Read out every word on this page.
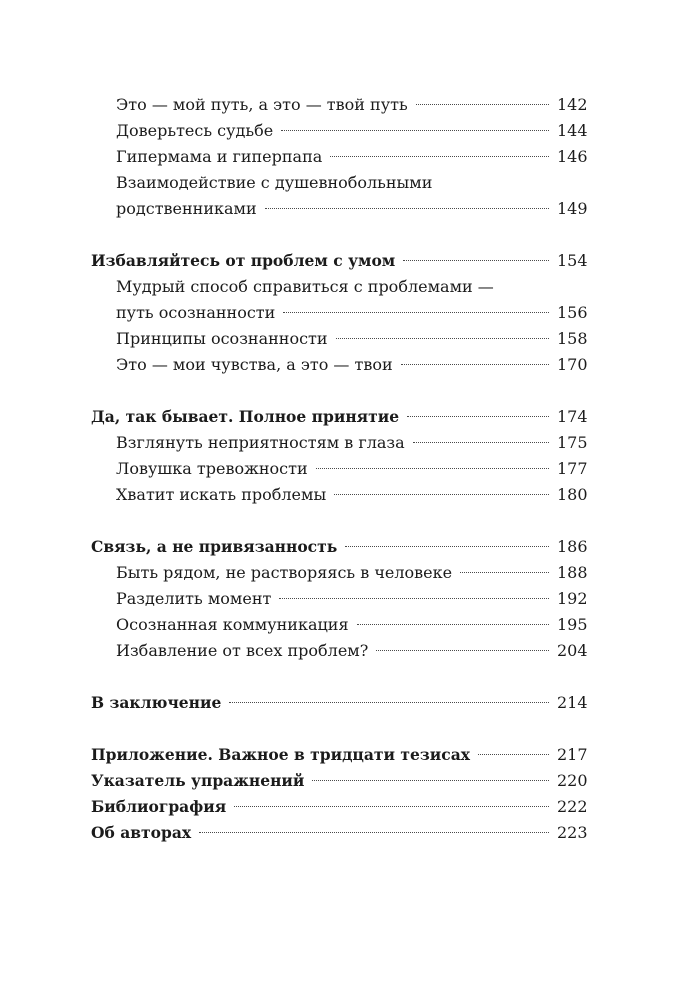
Это — мой путь, а это — твой путь	142
Доверьтесь судьбе	144
Гипермама и гиперпапа	146
Взаимодействие с душевнобольными
родственниками	149
Избавляйтесь от проблем с умом	154
Мудрый способ справиться с проблемами —
путь осознанности	156
Принципы осознанности	158
Это — мои чувства, а это — твои	170
Да, так бывает. Полное принятие	174
Взглянуть неприятностям в глаза	175
Ловушка тревожности	177
Хватит искать проблемы	180
Связь, а не привязанность	186
Быть рядом, не растворяясь в человеке	188
Разделить момент	192
Осознанная коммуникация	195
Избавление от всех проблем?	204
В заключение	214
Приложение. Важное в тридцати тезисах	217
Указатель упражнений	220
Библиография	222
Об авторах	223
